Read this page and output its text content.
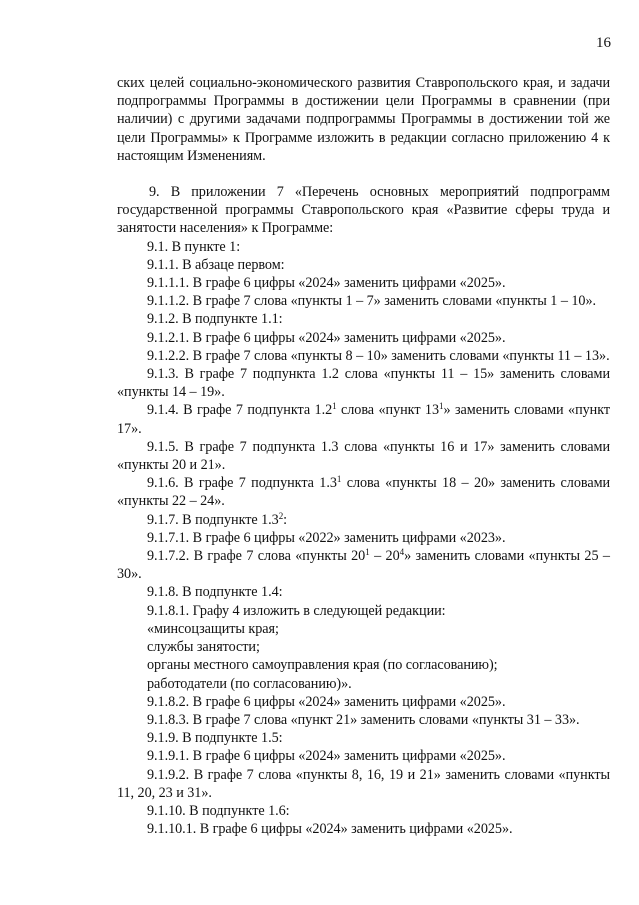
16

ских целей социально-экономического развития Ставропольского края, и задачи подпрограммы Программы в достижении цели Программы в сравнении (при наличии) с другими задачами подпрограммы Программы в достижении той же цели Программы» к Программе изложить в редакции согласно приложению 4 к настоящим Изменениям.

9. В приложении 7 «Перечень основных мероприятий подпрограмм государственной программы Ставропольского края «Развитие сферы труда и занятости населения» к Программе:

9.1. В пункте 1:

9.1.1. В абзаце первом:

9.1.1.1. В графе 6 цифры «2024» заменить цифрами «2025».

9.1.1.2. В графе 7 слова «пункты 1 – 7» заменить словами «пункты 1 – 10».

9.1.2. В подпункте 1.1:

9.1.2.1. В графе 6 цифры «2024» заменить цифрами «2025».

9.1.2.2. В графе 7 слова «пункты 8 – 10» заменить словами «пункты 11 – 13».

9.1.3. В графе 7 подпункта 1.2 слова «пункты 11 – 15» заменить словами «пункты 14 – 19».

9.1.4. В графе 7 подпункта $1.2^1$ слова «пункт $13^1$» заменить словами «пункт 17».

9.1.5. В графе 7 подпункта 1.3 слова «пункты 16 и 17» заменить словами «пункты 20 и 21».

9.1.6. В графе 7 подпункта $1.3^1$ слова «пункты 18 – 20» заменить словами «пункты 22 – 24».

9.1.7. В подпункте $1.3^2$:

9.1.7.1. В графе 6 цифры «2022» заменить цифрами «2023».

9.1.7.2. В графе 7 слова «пункты $20^1 - 20^4$» заменить словами «пункты 25 – 30».

9.1.8. В подпункте 1.4:

9.1.8.1. Графу 4 изложить в следующей редакции:

«минсоцзащиты края;

службы занятости;

органы местного самоуправления края (по согласованию);

работодатели (по согласованию)».

9.1.8.2. В графе 6 цифры «2024» заменить цифрами «2025».

9.1.8.3. В графе 7 слова «пункт 21» заменить словами «пункты 31 – 33».

9.1.9. В подпункте 1.5:

9.1.9.1. В графе 6 цифры «2024» заменить цифрами «2025».

9.1.9.2. В графе 7 слова «пункты 8, 16, 19 и 21» заменить словами «пункты 11, 20, 23 и 31».

9.1.10. В подпункте 1.6:

9.1.10.1. В графе 6 цифры «2024» заменить цифрами «2025».
